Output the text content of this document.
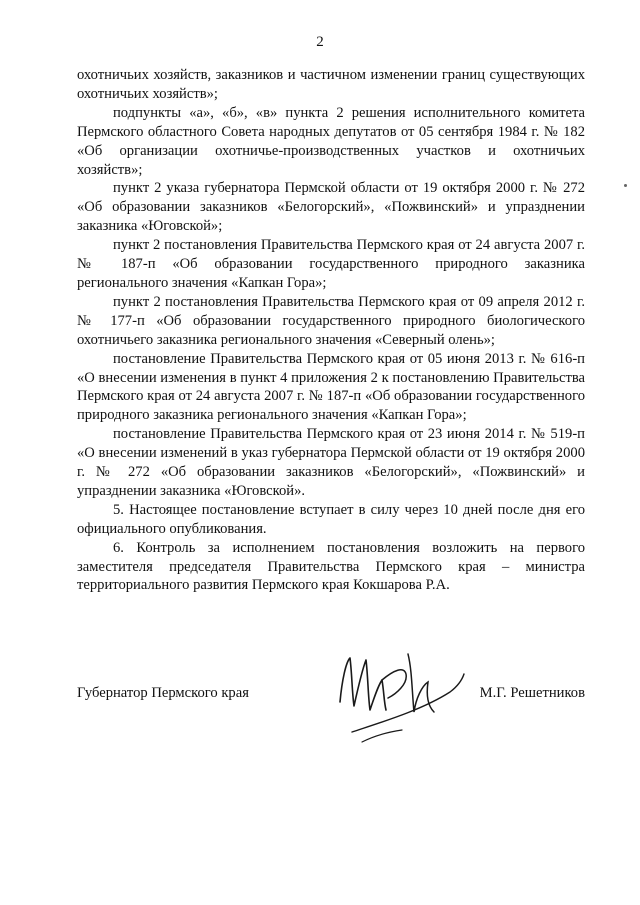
2

охотничьих хозяйств, заказников и частичном изменении границ существующих охотничьих хозяйств»;

подпункты «а», «б», «в» пункта 2 решения исполнительного комитета Пермского областного Совета народных депутатов от 05 сентября 1984 г. № 182 «Об организации охотничье-производственных участков и охотничьих хозяйств»;

пункт 2 указа губернатора Пермской области от 19 октября 2000 г. № 272 «Об образовании заказников «Белогорский», «Пожвинский» и упразднении заказника «Юговской»;

пункт 2 постановления Правительства Пермского края от 24 августа 2007 г. № 187-п «Об образовании государственного природного заказника регионального значения «Капкан Гора»;

пункт 2 постановления Правительства Пермского края от 09 апреля 2012 г. № 177-п «Об образовании государственного природного биологического охотничьего заказника регионального значения «Северный олень»;

постановление Правительства Пермского края от 05 июня 2013 г. № 616-п «О внесении изменения в пункт 4 приложения 2 к постановлению Правительства Пермского края от 24 августа 2007 г. № 187-п «Об образовании государственного природного заказника регионального значения «Капкан Гора»;

постановление Правительства Пермского края от 23 июня 2014 г. № 519-п «О внесении изменений в указ губернатора Пермской области от 19 октября 2000 г. № 272 «Об образовании заказников «Белогорский», «Пожвинский» и упразднении заказника «Юговской».

5. Настоящее постановление вступает в силу через 10 дней после дня его официального опубликования.

6. Контроль за исполнением постановления возложить на первого заместителя председателя Правительства Пермского края – министра территориального развития Пермского края Кокшарова Р.А.

Губернатор Пермского края	М.Г. Решетников
